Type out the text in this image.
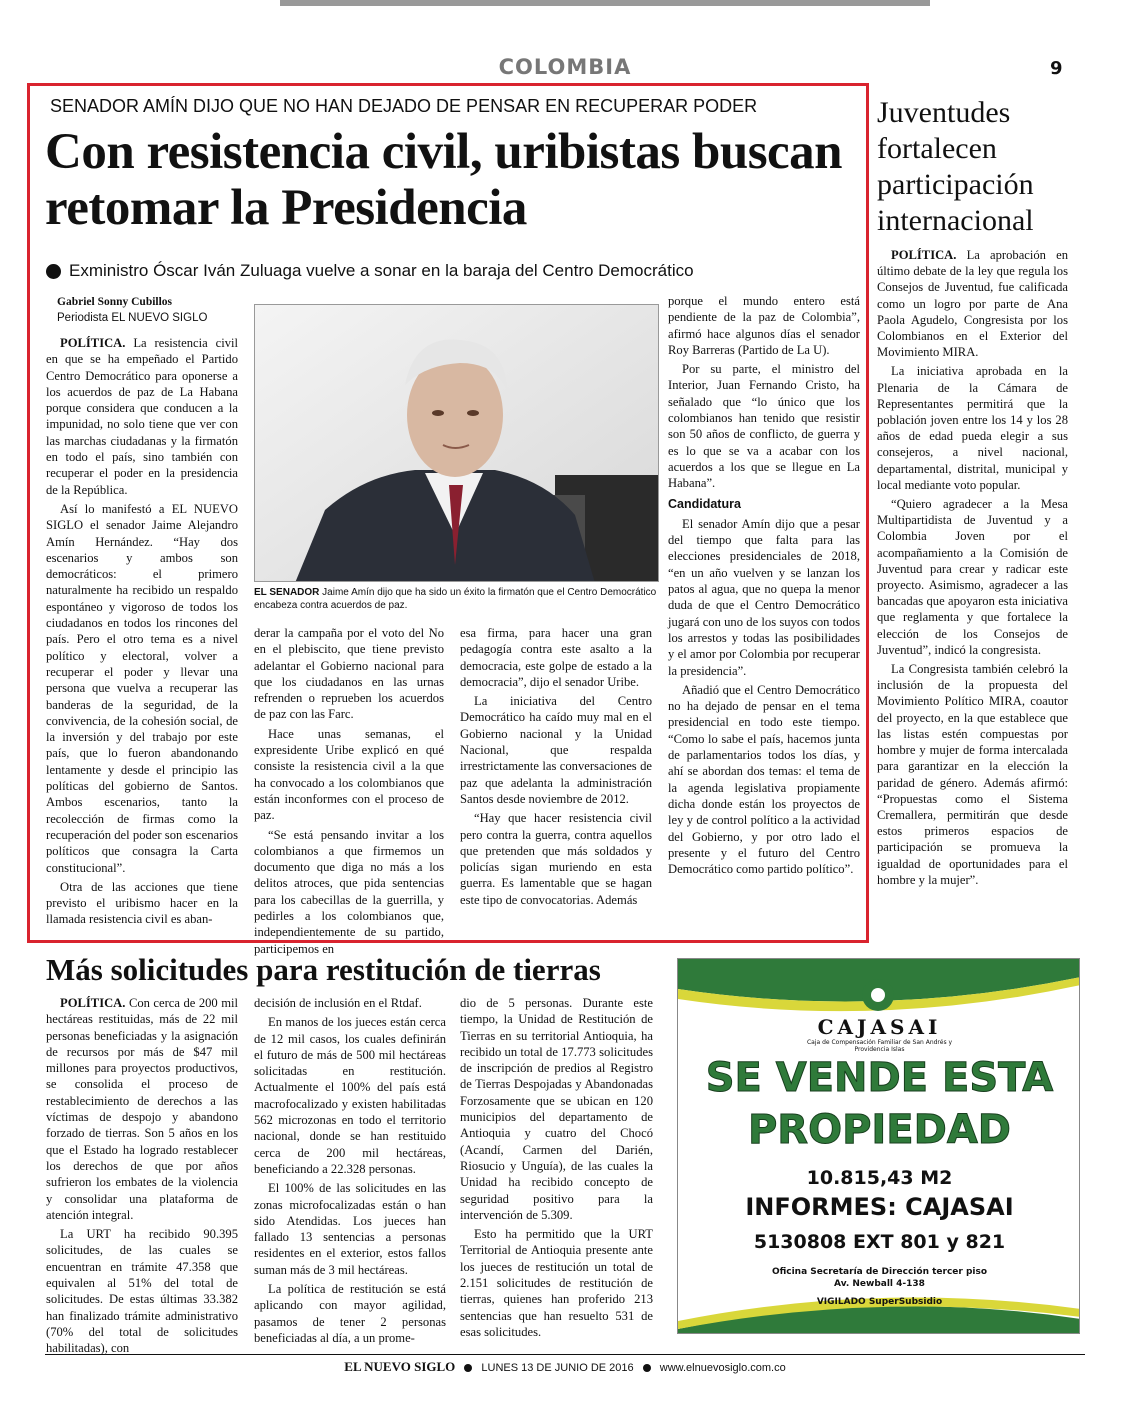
COLOMBIA	9
SENADOR AMÍN DIJO QUE NO HAN DEJADO DE PENSAR EN RECUPERAR PODER
Con resistencia civil, uribistas buscan retomar la Presidencia
Exministro Óscar Iván Zuluaga vuelve a sonar en la baraja del Centro Democrático
Gabriel Sonny Cubillos
Periodista EL NUEVO SIGLO

POLÍTICA. La resistencia civil en que se ha empeñado el Partido Centro Democrático para oponerse a los acuerdos de paz de La Habana porque considera que conducen a la impunidad, no solo tiene que ver con las marchas ciudadanas y la firmatón en todo el país, sino también con recuperar el poder en la presidencia de la República.

Así lo manifestó a EL NUEVO SIGLO el senador Jaime Alejandro Amín Hernández. “Hay dos escenarios y ambos son democráticos: el primero naturalmente ha recibido un respaldo espontáneo y vigoroso de todos los ciudadanos en todos los rincones del país. Pero el otro tema es a nivel político y electoral, volver a recuperar el poder y llevar una persona que vuelva a recuperar las banderas de la seguridad, de la convivencia, de la cohesión social, de la inversión y del trabajo por este país, que lo fueron abandonando lentamente y desde el principio las políticas del gobierno de Santos. Ambos escenarios, tanto la recolección de firmas como la recuperación del poder son escenarios políticos que consagra la Carta constitucional”.

Otra de las acciones que tiene previsto el uribismo hacer en la llamada resistencia civil es aban-

EL SENADOR Jaime Amín dijo que ha sido un éxito la firmatón que el Centro Democrático encabeza contra acuerdos de paz.

derar la campaña por el voto del No en el plebiscito, que tiene previsto adelantar el Gobierno nacional para que los ciudadanos en las urnas refrenden o reprueben los acuerdos de paz con las Farc.

Hace unas semanas, el expresidente Uribe explicó en qué consiste la resistencia civil a la que ha convocado a los colombianos que están inconformes con el proceso de paz.

“Se está pensando invitar a los colombianos a que firmemos un documento que diga no más a los delitos atroces, que pida sentencias para los cabecillas de la guerrilla, y pedirles a los colombianos que, independientemente de su partido, participemos en

esa firma, para hacer una gran pedagogía contra este asalto a la democracia, este golpe de estado a la democracia”, dijo el senador Uribe.

La iniciativa del Centro Democrático ha caído muy mal en el Gobierno nacional y la Unidad Nacional, que respalda irrestrictamente las conversaciones de paz que adelanta la administración Santos desde noviembre de 2012.

“Hay que hacer resistencia civil pero contra la guerra, contra aquellos que pretenden que más soldados y policías sigan muriendo en esta guerra. Es lamentable que se hagan este tipo de convocatorias. Además

porque el mundo entero está pendiente de la paz de Colombia”, afirmó hace algunos días el senador Roy Barreras (Partido de La U).

Por su parte, el ministro del Interior, Juan Fernando Cristo, ha señalado que “lo único que los colombianos han tenido que resistir son 50 años de conflicto, de guerra y es lo que se va a acabar con los acuerdos a los que se llegue en La Habana”.

Candidatura

El senador Amín dijo que a pesar del tiempo que falta para las elecciones presidenciales de 2018, “en un año vuelven y se lanzan los patos al agua, que no quepa la menor duda de que el Centro Democrático jugará con uno de los suyos con todos los arrestos y todas las posibilidades y el amor por Colombia por recuperar la presidencia”.

Añadió que el Centro Democrático no ha dejado de pensar en el tema presidencial en todo este tiempo. “Como lo sabe el país, hacemos junta de parlamentarios todos los días, y ahí se abordan dos temas: el tema de la agenda legislativa propiamente dicha donde están los proyectos de ley y de control político a la actividad del Gobierno, y por otro lado el presente y el futuro del Centro Democrático como partido político”.

Juventudes fortalecen participación internacional

POLÍTICA. La aprobación en último debate de la ley que regula los Consejos de Juventud, fue calificada como un logro por parte de Ana Paola Agudelo, Congresista por los Colombianos en el Exterior del Movimiento MIRA.

La iniciativa aprobada en la Plenaria de la Cámara de Representantes permitirá que la población joven entre los 14 y los 28 años de edad pueda elegir a sus consejeros, a nivel nacional, departamental, distrital, municipal y local mediante voto popular.

“Quiero agradecer a la Mesa Multipartidista de Juventud y a Colombia Joven por el acompañamiento a la Comisión de Juventud para crear y radicar este proyecto. Asimismo, agradecer a las bancadas que apoyaron esta iniciativa que reglamenta y que fortalece la elección de los Consejos de Juventud”, indicó la congresista.

La Congresista también celebró la inclusión de la propuesta del Movimiento Político MIRA, coautor del proyecto, en la que establece que las listas estén compuestas por hombre y mujer de forma intercalada para garantizar en la elección la paridad de género. Además afirmó: “Propuestas como el Sistema Cremallera, permitirán que desde estos primeros espacios de participación se promueva la igualdad de oportunidades para el hombre y la mujer”.

Más solicitudes para restitución de tierras

POLÍTICA. Con cerca de 200 mil hectáreas restituidas, más de 22 mil personas beneficiadas y la asignación de recursos por más de $47 mil millones para proyectos productivos, se consolida el proceso de restablecimiento de derechos a las víctimas de despojo y abandono forzado de tierras. Son 5 años en los que el Estado ha logrado restablecer los derechos de que por años sufrieron los embates de la violencia y consolidar una plataforma de atención integral.

La URT ha recibido 90.395 solicitudes, de las cuales se encuentran en trámite 47.358 que equivalen al 51% del total de solicitudes. De estas últimas 33.382 han finalizado trámite administrativo (70% del total de solicitudes habilitadas), con

decisión de inclusión en el Rtdaf.

En manos de los jueces están cerca de 12 mil casos, los cuales definirán el futuro de más de 500 mil hectáreas solicitadas en restitución. Actualmente el 100% del país está macrofocalizado y existen habilitadas 562 microzonas en todo el territorio nacional, donde se han restituido cerca de 200 mil hectáreas, beneficiando a 22.328 personas.

El 100% de las solicitudes en las zonas microfocalizadas están o han sido Atendidas. Los jueces han fallado 13 sentencias a personas residentes en el exterior, estos fallos suman más de 3 mil hectáreas.

La política de restitución se está aplicando con mayor agilidad, pasamos de tener 2 personas beneficiadas al día, a un prome-

dio de 5 personas. Durante este tiempo, la Unidad de Restitución de Tierras en su territorial Antioquia, ha recibido un total de 17.773 solicitudes de inscripción de predios al Registro de Tierras Despojadas y Abandonadas Forzosamente que se ubican en 120 municipios del departamento de Antioquia y cuatro del Chocó (Acandí, Carmen del Darién, Riosucio y Unguía), de las cuales la Unidad ha recibido concepto de seguridad positivo para la intervención de 5.309.

Esto ha permitido que la URT Territorial de Antioquia presente ante los jueces de restitución un total de 2.151 solicitudes de restitución de tierras, quienes han proferido 213 sentencias que han resuelto 531 de esas solicitudes.

CAJASAI
Caja de Compensación Familiar de San Andrés y Providencia Islas
SE VENDE ESTA
PROPIEDAD
10.815,43 M2
INFORMES: CAJASAI
5130808 EXT 801 y 821
Oficina Secretaría de Dirección tercer piso
Av. Newball 4-138
VIGILADO SuperSubsidio
EL NUEVO SIGLO LUNES 13 DE JUNIO DE 2016 www.elnuevosiglo.com.co
